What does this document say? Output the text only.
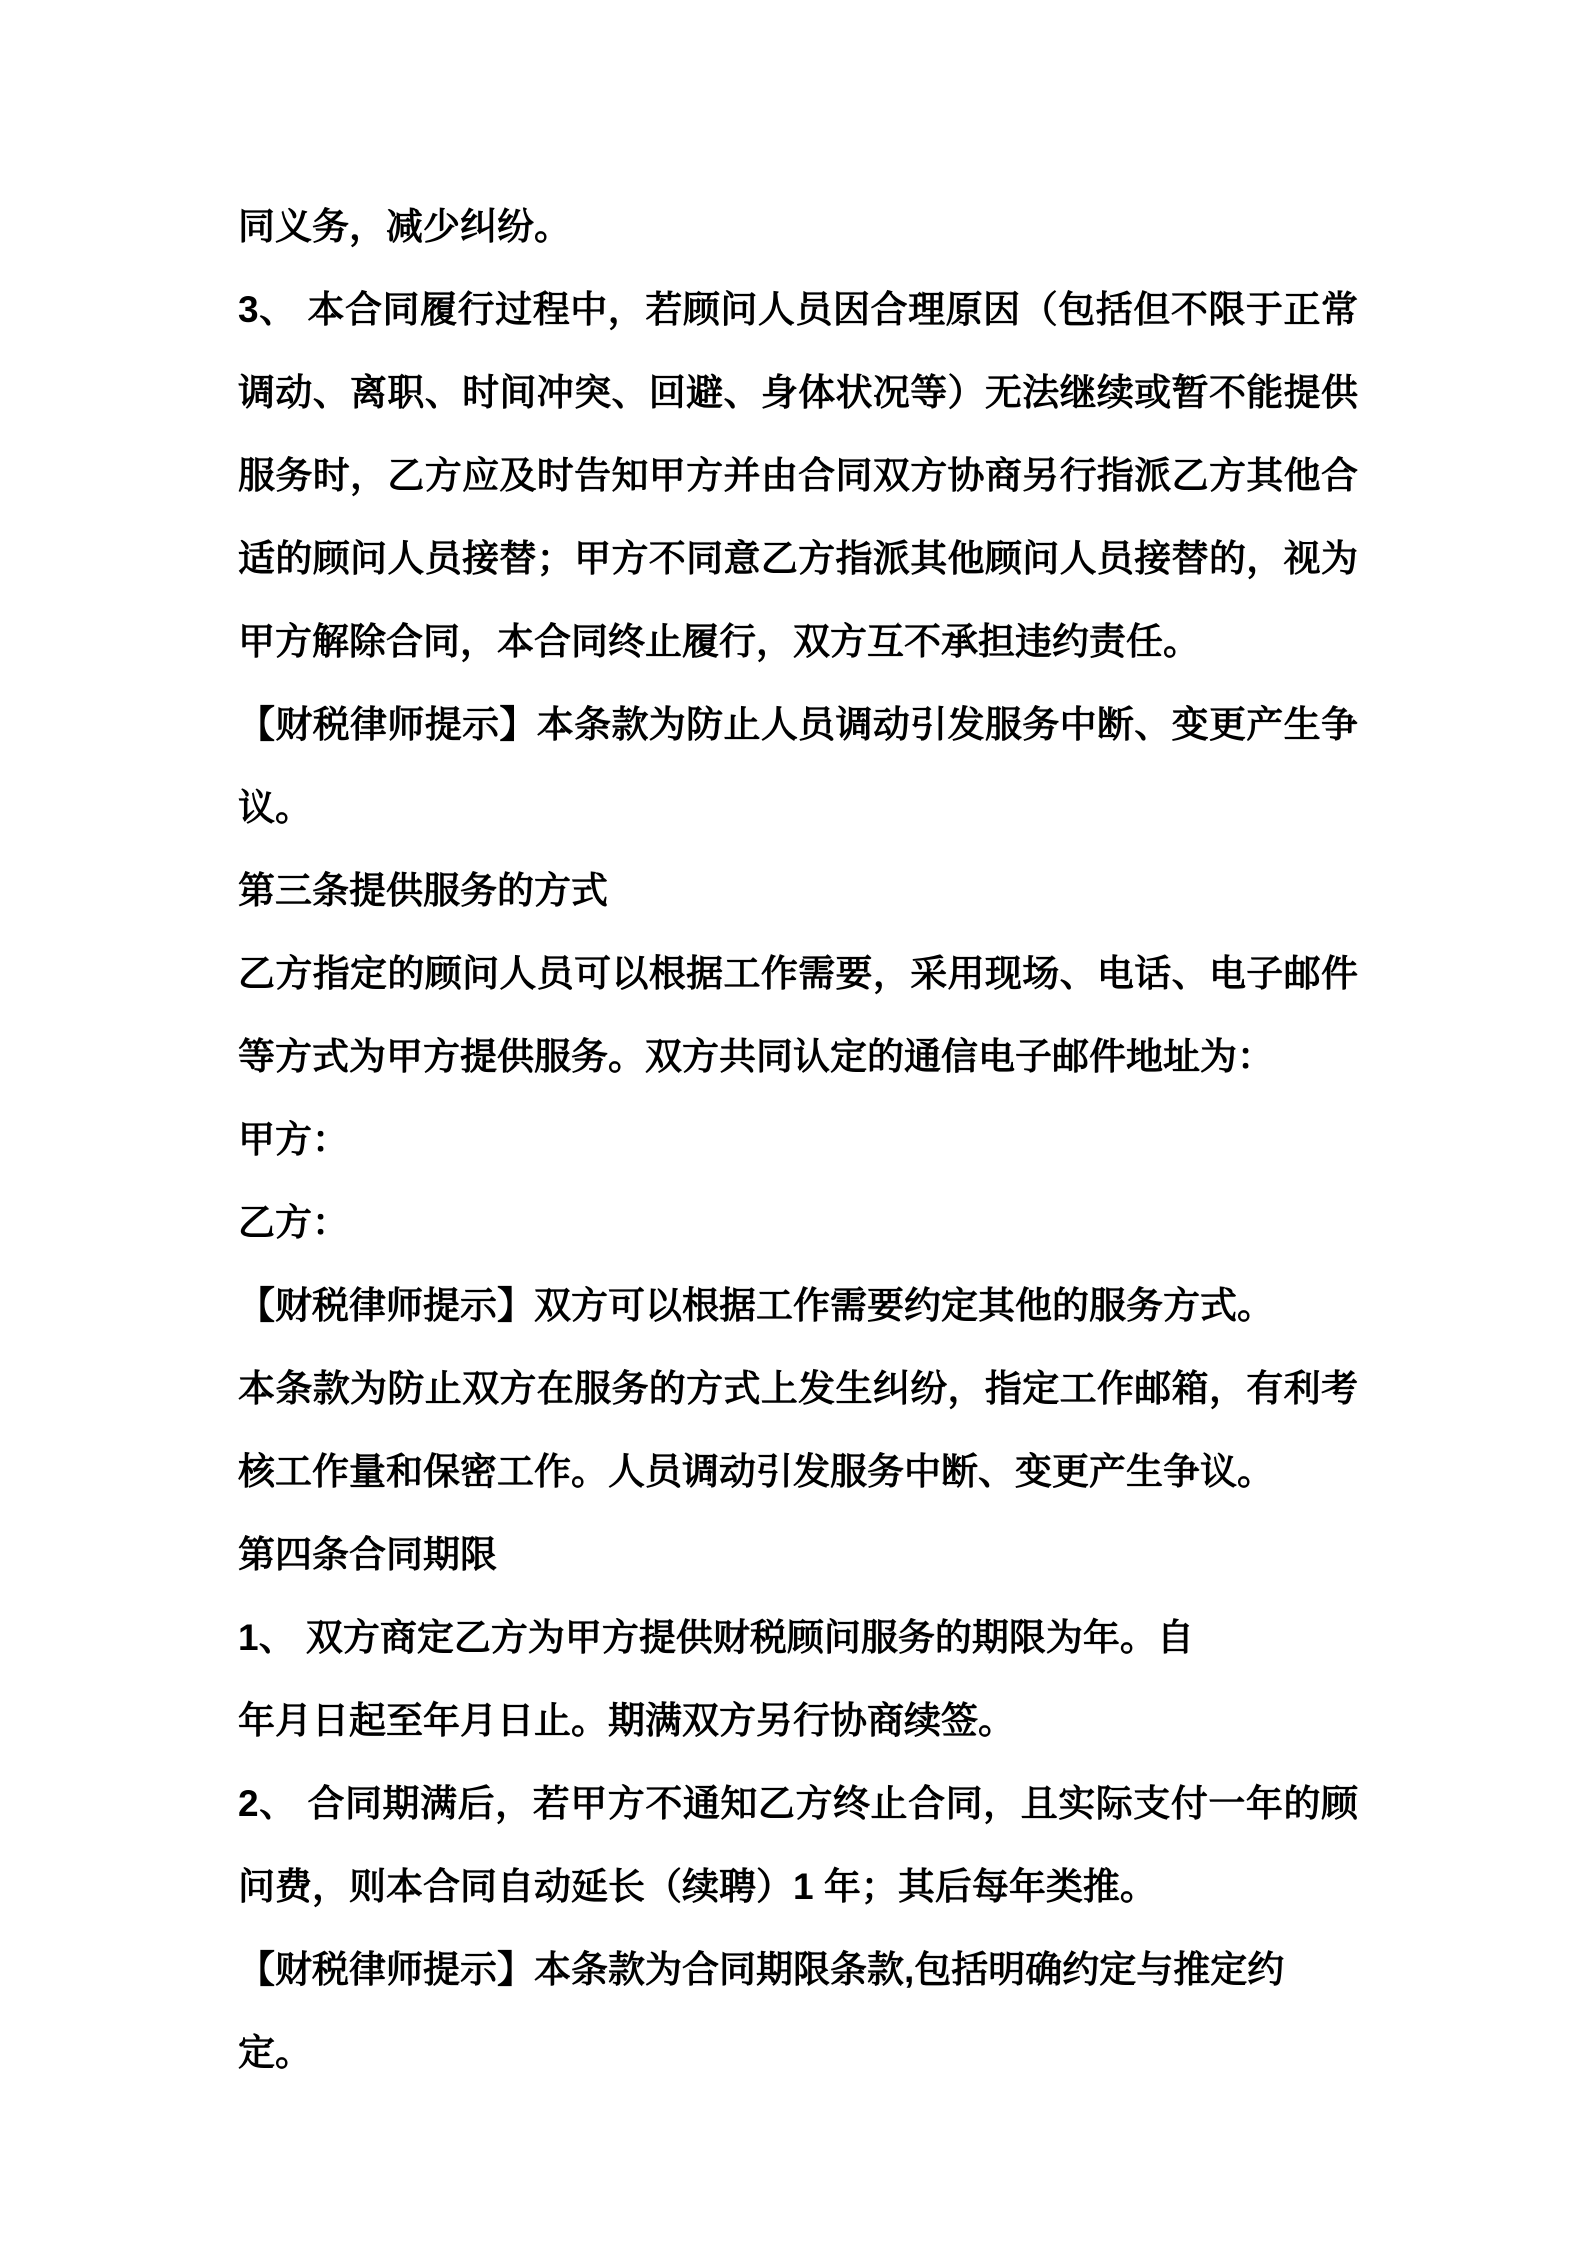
同义务，减少纠纷。
3、 本合同履行过程中，若顾问人员因合理原因（包括但不限于正常
调动、离职、时间冲突、回避、身体状况等）无法继续或暂不能提供
服务时，乙方应及时告知甲方并由合同双方协商另行指派乙方其他合
适的顾问人员接替；甲方不同意乙方指派其他顾问人员接替的，视为
甲方解除合同，本合同终止履行，双方互不承担违约责任。
【财税律师提示】本条款为防止人员调动引发服务中断、变更产生争
议。
第三条提供服务的方式
乙方指定的顾问人员可以根据工作需要，采用现场、电话、电子邮件
等方式为甲方提供服务。双方共同认定的通信电子邮件地址为：
甲方：
乙方：
【财税律师提示】双方可以根据工作需要约定其他的服务方式。
本条款为防止双方在服务的方式上发生纠纷，指定工作邮箱，有利考
核工作量和保密工作。人员调动引发服务中断、变更产生争议。
第四条合同期限
1、 双方商定乙方为甲方提供财税顾问服务的期限为年。自
年月日起至年月日止。期满双方另行协商续签。
2、 合同期满后，若甲方不通知乙方终止合同，且实际支付一年的顾
问费，则本合同自动延长（续聘）1 年；其后每年类推。
【财税律师提示】本条款为合同期限条款,包括明确约定与推定约定。
